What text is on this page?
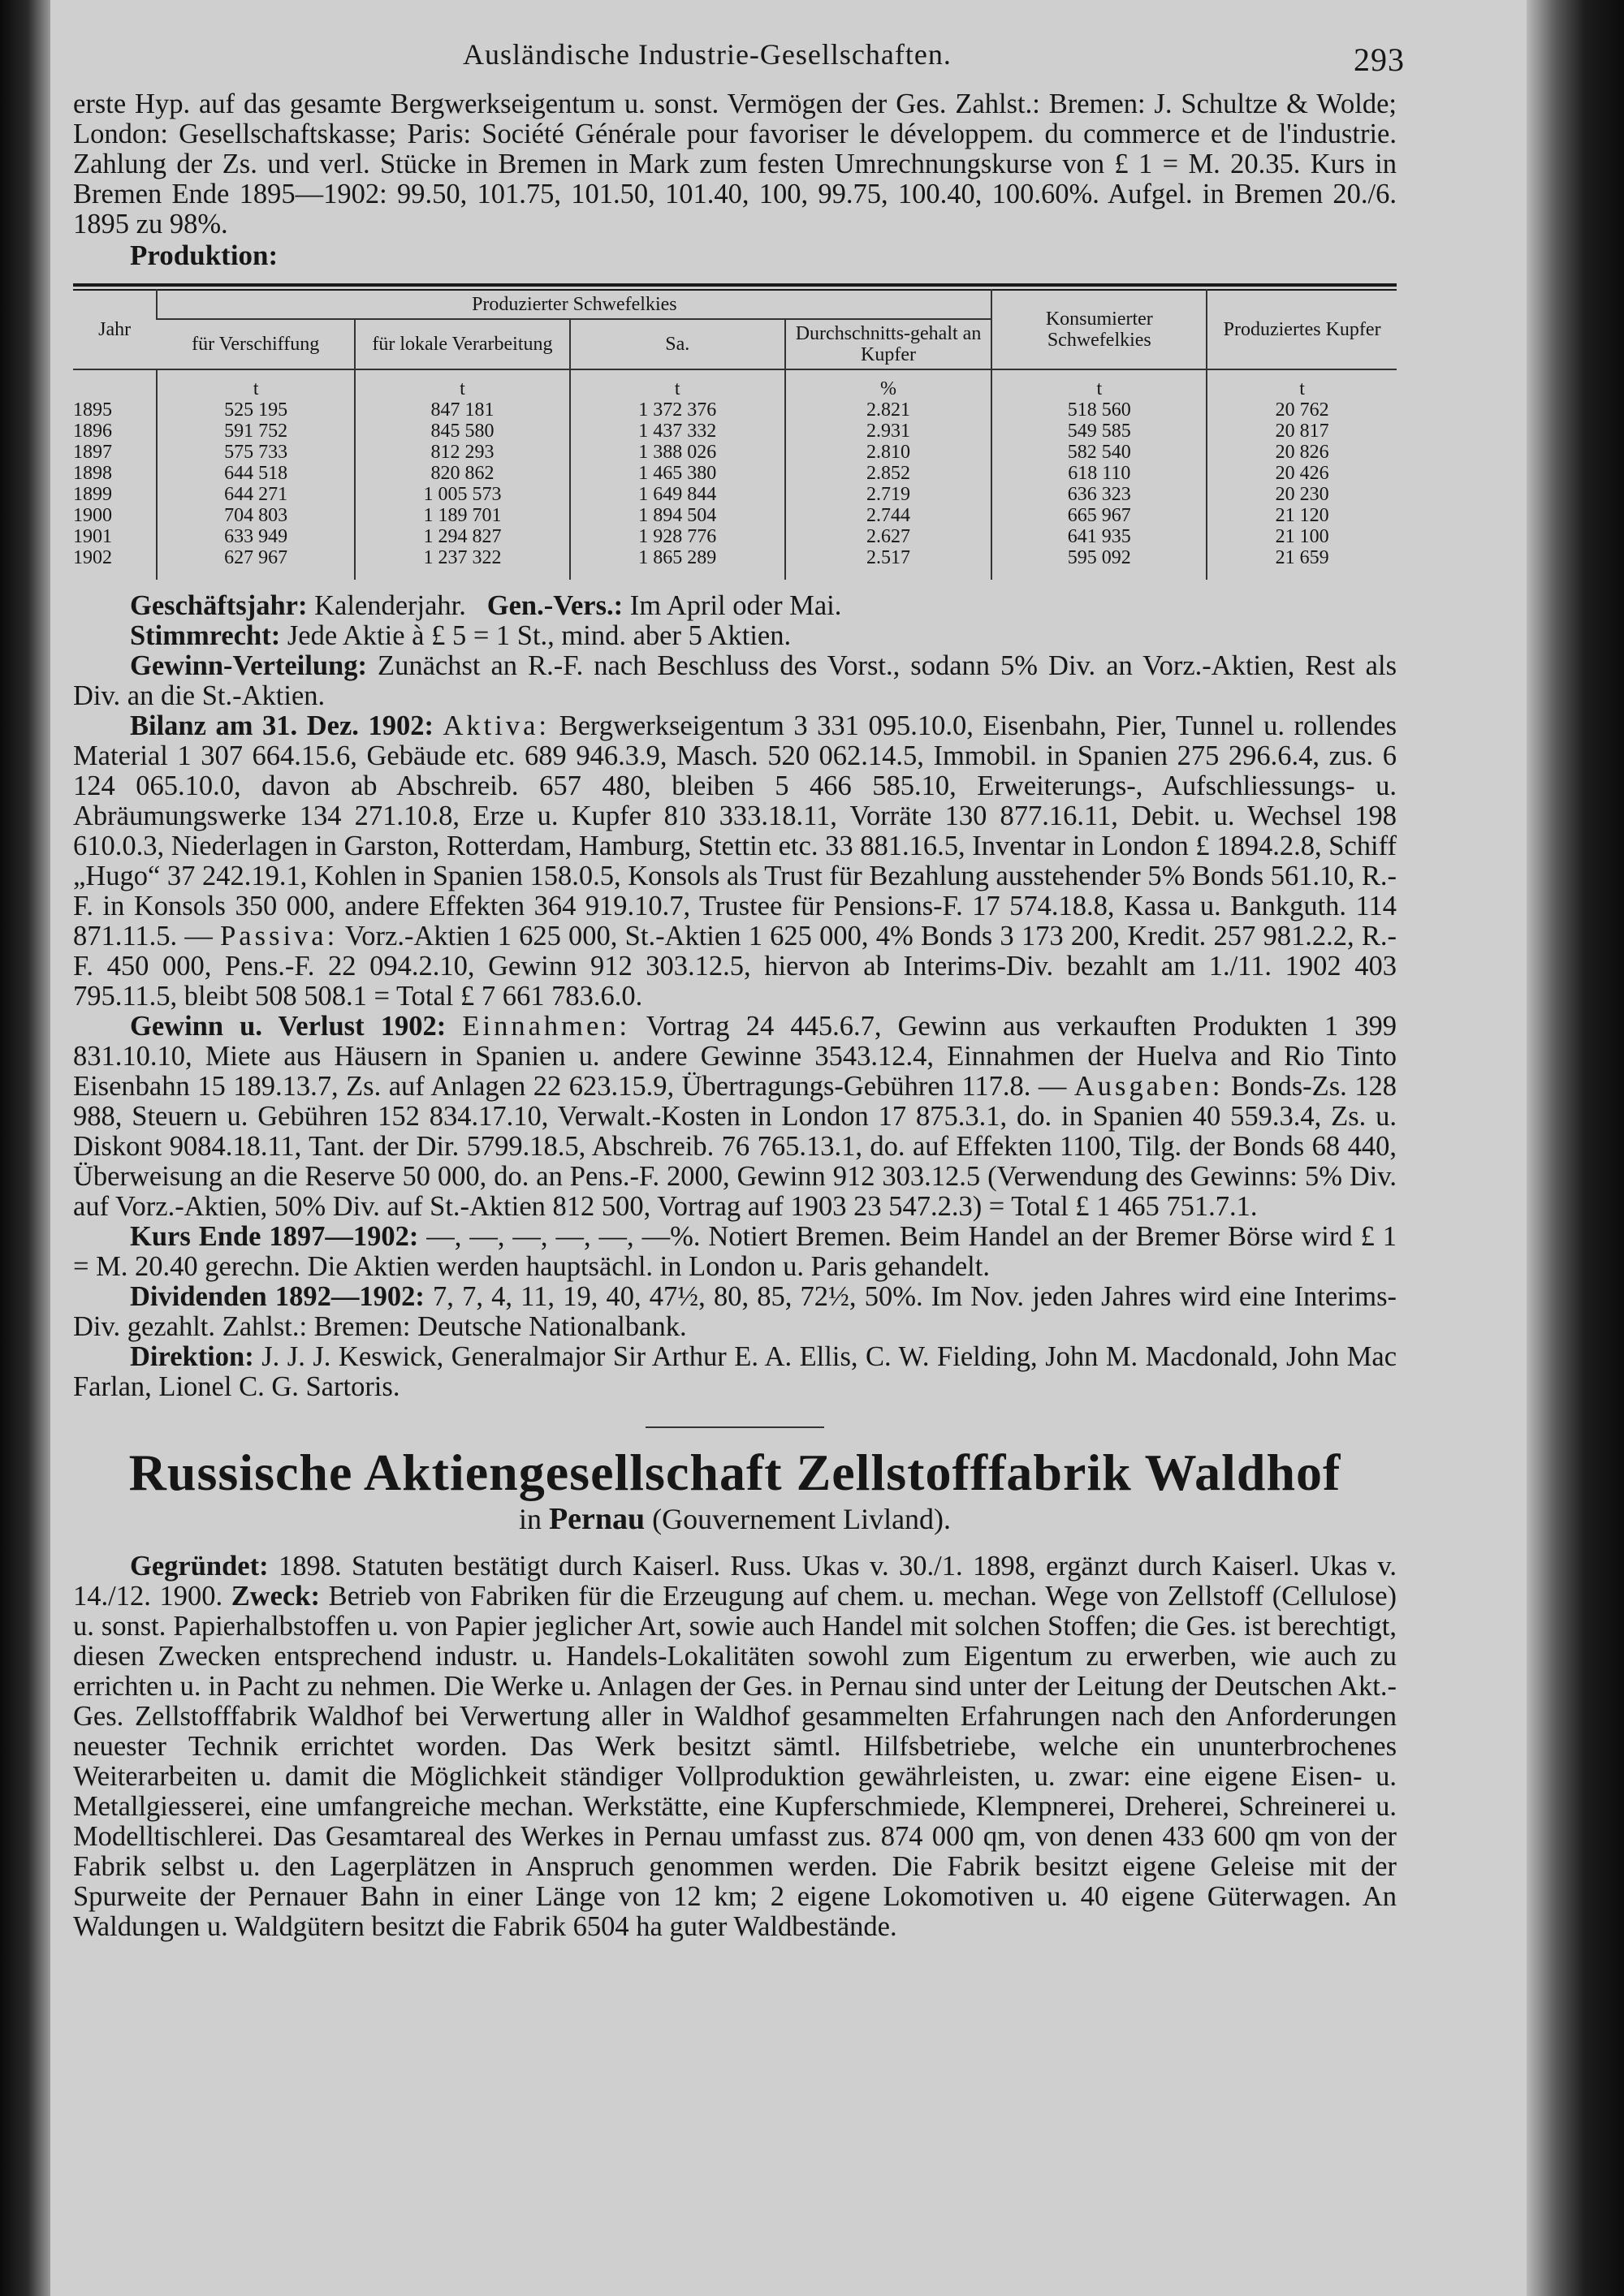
Ausländische Industrie-Gesellschaften.	293

erste Hyp. auf das gesamte Bergwerkseigentum u. sonst. Vermögen der Ges. Zahlst.: Bremen: J. Schultze & Wolde; London: Gesellschaftskasse; Paris: Société Générale pour favoriser le développem. du commerce et de l'industrie. Zahlung der Zs. und verl. Stücke in Bremen in Mark zum festen Umrechnungskurse von £ 1 = M. 20.35. Kurs in Bremen Ende 1895—1902: 99.50, 101.75, 101.50, 101.40, 100, 99.75, 100.40, 100.60%. Aufgel. in Bremen 20./6. 1895 zu 98%.

Produktion:

Jahr	Produzierter Schwefelkies				Konsumierter Schwefelkies	Produziertes Kupfer
	für Verschiffung	für lokale Verarbeitung	Sa.	Durchschnitts-gehalt an Kupfer		
	t	t	t	%		t	t
1895	525 195	847 181	1 372 376	2.821		518 560	20 762
1896	591 752	845 580	1 437 332	2.931		549 585	20 817
1897	575 733	812 293	1 388 026	2.810		582 540	20 826
1898	644 518	820 862	1 465 380	2.852		618 110	20 426
1899	644 271	1 005 573	1 649 844	2.719		636 323	20 230
1900	704 803	1 189 701	1 894 504	2.744		665 967	21 120
1901	633 949	1 294 827	1 928 776	2.627		641 935	21 100
1902	627 967	1 237 322	1 865 289	2.517		595 092	21 659

Geschäftsjahr: Kalenderjahr. Gen.-Vers.: Im April oder Mai.

Stimmrecht: Jede Aktie à £ 5 = 1 St., mind. aber 5 Aktien.

Gewinn-Verteilung: Zunächst an R.-F. nach Beschluss des Vorst., sodann 5% Div. an Vorz.-Aktien, Rest als Div. an die St.-Aktien.

Bilanz am 31. Dez. 1902: Aktiva: Bergwerkseigentum 3 331 095.10.0, Eisenbahn, Pier, Tunnel u. rollendes Material 1 307 664.15.6, Gebäude etc. 689 946.3.9, Masch. 520 062.14.5, Immobil. in Spanien 275 296.6.4, zus. 6 124 065.10.0, davon ab Abschreib. 657 480, bleiben 5 466 585.10, Erweiterungs-, Aufschliessungs- u. Abräumungswerke 134 271.10.8, Erze u. Kupfer 810 333.18.11, Vorräte 130 877.16.11, Debit. u. Wechsel 198 610.0.3, Niederlagen in Garston, Rotterdam, Hamburg, Stettin etc. 33 881.16.5, Inventar in London £ 1894.2.8, Schiff „Hugo“ 37 242.19.1, Kohlen in Spanien 158.0.5, Konsols als Trust für Bezahlung ausstehender 5% Bonds 561.10, R.-F. in Konsols 350 000, andere Effekten 364 919.10.7, Trustee für Pensions-F. 17 574.18.8, Kassa u. Bankguth. 114 871.11.5. — Passiva: Vorz.-Aktien 1 625 000, St.-Aktien 1 625 000, 4% Bonds 3 173 200, Kredit. 257 981.2.2, R.-F. 450 000, Pens.-F. 22 094.2.10, Gewinn 912 303.12.5, hiervon ab Interims-Div. bezahlt am 1./11. 1902 403 795.11.5, bleibt 508 508.1 = Total £ 7 661 783.6.0.

Gewinn u. Verlust 1902: Einnahmen: Vortrag 24 445.6.7, Gewinn aus verkauften Produkten 1 399 831.10.10, Miete aus Häusern in Spanien u. andere Gewinne 3543.12.4, Einnahmen der Huelva and Rio Tinto Eisenbahn 15 189.13.7, Zs. auf Anlagen 22 623.15.9, Übertragungs-Gebühren 117.8. — Ausgaben: Bonds-Zs. 128 988, Steuern u. Gebühren 152 834.17.10, Verwalt.-Kosten in London 17 875.3.1, do. in Spanien 40 559.3.4, Zs. u. Diskont 9084.18.11, Tant. der Dir. 5799.18.5, Abschreib. 76 765.13.1, do. auf Effekten 1100, Tilg. der Bonds 68 440, Überweisung an die Reserve 50 000, do. an Pens.-F. 2000, Gewinn 912 303.12.5 (Verwendung des Gewinns: 5% Div. auf Vorz.-Aktien, 50% Div. auf St.-Aktien 812 500, Vortrag auf 1903 23 547.2.3) = Total £ 1 465 751.7.1.

Kurs Ende 1897—1902: —, —, —, —, —, —%. Notiert Bremen. Beim Handel an der Bremer Börse wird £ 1 = M. 20.40 gerechn. Die Aktien werden hauptsächl. in London u. Paris gehandelt.

Dividenden 1892—1902: 7, 7, 4, 11, 19, 40, 47½, 80, 85, 72½, 50%. Im Nov. jeden Jahres wird eine Interims-Div. gezahlt. Zahlst.: Bremen: Deutsche Nationalbank.

Direktion: J. J. J. Keswick, Generalmajor Sir Arthur E. A. Ellis, C. W. Fielding, John M. Macdonald, John Mac Farlan, Lionel C. G. Sartoris.

Russische Aktiengesellschaft Zellstofffabrik Waldhof
in Pernau (Gouvernement Livland).

Gegründet: 1898. Statuten bestätigt durch Kaiserl. Russ. Ukas v. 30./1. 1898, ergänzt durch Kaiserl. Ukas v. 14./12. 1900. Zweck: Betrieb von Fabriken für die Erzeugung auf chem. u. mechan. Wege von Zellstoff (Cellulose) u. sonst. Papierhalbstoffen u. von Papier jeglicher Art, sowie auch Handel mit solchen Stoffen; die Ges. ist berechtigt, diesen Zwecken entsprechend industr. u. Handels-Lokalitäten sowohl zum Eigentum zu erwerben, wie auch zu errichten u. in Pacht zu nehmen. Die Werke u. Anlagen der Ges. in Pernau sind unter der Leitung der Deutschen Akt.-Ges. Zellstofffabrik Waldhof bei Verwertung aller in Waldhof gesammelten Erfahrungen nach den Anforderungen neuester Technik errichtet worden. Das Werk besitzt sämtl. Hilfsbetriebe, welche ein ununterbrochenes Weiterarbeiten u. damit die Möglichkeit ständiger Vollproduktion gewährleisten, u. zwar: eine eigene Eisen- u. Metallgiesserei, eine umfangreiche mechan. Werkstätte, eine Kupferschmiede, Klempnerei, Dreherei, Schreinerei u. Modelltischlerei. Das Gesamtareal des Werkes in Pernau umfasst zus. 874 000 qm, von denen 433 600 qm von der Fabrik selbst u. den Lagerplätzen in Anspruch genommen werden. Die Fabrik besitzt eigene Geleise mit der Spurweite der Pernauer Bahn in einer Länge von 12 km; 2 eigene Lokomotiven u. 40 eigene Güterwagen. An Waldungen u. Waldgütern besitzt die Fabrik 6504 ha guter Waldbestände.
